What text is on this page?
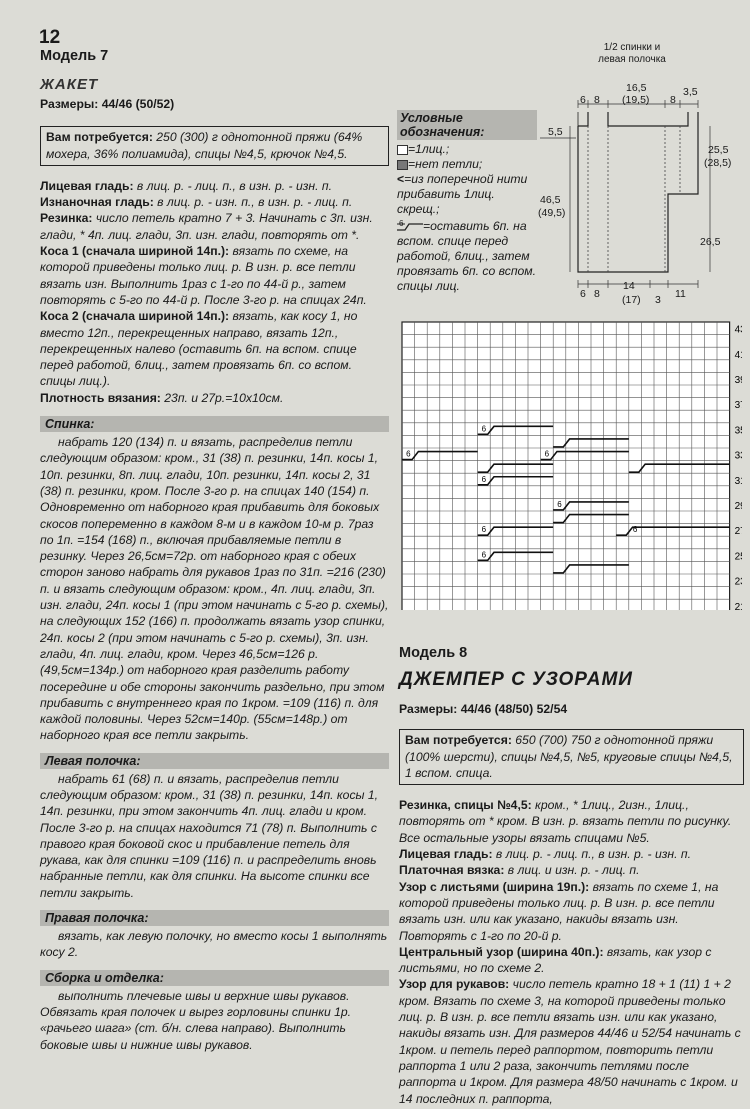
12
Модель 7
ЖАКЕТ
Размеры: 44/46 (50/52)
Вам потребуется: 250 (300) г однотонной пряжи (64% мохера, 36% полиамида), спицы №4,5, крючок №4,5.

Лицевая гладь: в лиц. р. - лиц. п., в изн. р. - изн. п.

Изнаночная гладь: в лиц. р. - изн. п., в изн. р. - лиц. п.

Резинка: число петель кратно 7 + 3. Начинать с 3п. изн. глади, * 4п. лиц. глади, 3п. изн. глади, повторять от *.

Коса 1 (сначала шириной 14п.): вязать по схеме, на которой приведены только лиц. р. В изн. р. все петли вязать изн. Выполнить 1раз с 1-го по 44-й р., затем повторять с 5-го по 44-й р. После 3-го р. на спицах 24п.

Коса 2 (сначала шириной 14п.): вязать, как косу 1, но вместо 12п., перекрещенных направо, вязать 12п., перекрещенных налево (оставить 6п. на вспом. спице перед работой, 6лиц., затем провязать 6п. со вспом. спицы лиц.).

Плотность вязания: 23п. и 27р.=10х10см.

Спинка:
набрать 120 (134) п. и вязать, распределив петли следующим образом: кром., 31 (38) п. резинки, 14п. косы 1, 10п. резинки, 8п. лиц. глади, 10п. резинки, 14п. косы 2, 31 (38) п. резинки, кром. После 3-го р. на спицах 140 (154) п. Одновременно от наборного края прибавить для боковых скосов попеременно в каждом 8-м и в каждом 10-м р. 7раз по 1п. =154 (168) п., включая прибавляемые петли в резинку. Через 26,5см=72р. от наборного края с обеих сторон заново набрать для рукавов 1раз по 31п. =216 (230) п. и вязать следующим образом: кром., 4п. лиц. глади, 3п. изн. глади, 24п. косы 1 (при этом начинать с 5-го р. схемы), на следующих 152 (166) п. продолжать вязать узор спинки, 24п. косы 2 (при этом начинать с 5-го р. схемы), 3п. изн. глади, 4п. лиц. глади, кром. Через 46,5см=126 р. (49,5см=134р.) от наборного края разделить работу посередине и обе стороны закончить раздельно, при этом прибавить с внутреннего края по 1кром. =109 (116) п. для каждой половины. Через 52см=140р. (55см=148р.) от наборного края все петли закрыть.
Левая полочка:
набрать 61 (68) п. и вязать, распределив петли следующим образом: кром., 31 (38) п. резинки, 14п. косы 1, 14п. резинки, при этом закончить 4п. лиц. глади и кром. После 3-го р. на спицах находится 71 (78) п. Выполнить с правого края боковой скос и прибавление петель для рукава, как для спинки =109 (116) п. и распределить вновь набранные петли, как для спинки. На высоте спинки все петли закрыть.
Правая полочка:
вязать, как левую полочку, но вместо косы 1 выполнять косу 2.
Сборка и отделка:
выполнить плечевые швы и верхние швы рукавов. Обвязать края полочек и вырез горловины спинки 1р. «рачьего шага» (ст. б/н. слева направо). Выполнить боковые швы и нижние швы рукавов.
Условные обозначения:
=1лиц.;
=нет петли;
<=из поперечной нити прибавить 1лиц. скрещ.;
6 =оставить 6п. на вспом. спице перед работой, 6лиц., затем провязать 6п. со вспом. спицы лиц.
1/2 спинки и левая полочка
6 8
16,5
(19,5) 8
3,5
5,5
46,5
(49,5)
25,5
(28,5)
26,5
6 8
14
(17) 3 11
6
6	6
6
6
6	6
6
4
4
3
3
3
3
3
2
2
2
2
2
Модель 8
ДЖЕМПЕР С УЗОРАМИ
Размеры: 44/46 (48/50) 52/54
Вам потребуется: 650 (700) 750 г однотонной пряжи (100% шерсти), спицы №4,5, №5, круговые спицы №4,5, 1 вспом. спица.

Резинка, спицы №4,5: кром., * 1лиц., 2изн., 1лиц., повторять от * кром. В изн. р. вязать петли по рисунку. Все остальные узоры вязать спицами №5.

Лицевая гладь: в лиц. р. - лиц. п., в изн. р. - изн. п.

Платочная вязка: в лиц. и изн. р. - лиц. п.

Узор с листьями (ширина 19п.): вязать по схеме 1, на которой приведены только лиц. р. В изн. р. все петли вязать изн. или как указано, накиды вязать изн. Повторять с 1-го по 20-й р.

Центральный узор (ширина 40п.): вязать, как узор с листьями, но по схеме 2.

Узор для рукавов: число петель кратно 18 + 1 (11) 1 + 2 кром. Вязать по схеме 3, на которой приведены только лиц. р. В изн. р. все петли вязать изн. или как указано, накиды вязать изн. Для размеров 44/46 и 52/54 начинать с 1кром. и петель перед раппортом, повторить петли раппорта 1 или 2 раза, закончить петлями после раппорта и 1кром. Для размера 48/50 начинать с 1кром. и 14 последних п. раппорта,
